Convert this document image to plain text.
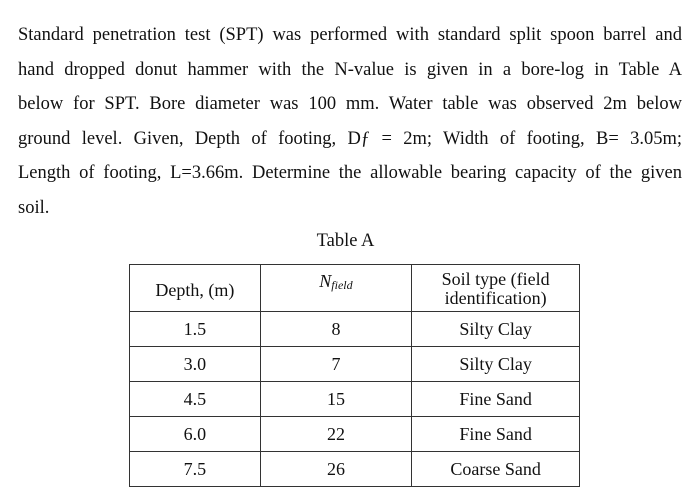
Standard penetration test (SPT) was performed with standard split spoon barrel and
hand dropped donut hammer with the N-value is given in a bore-log in Table A
below for SPT. Bore diameter was 100 mm. Water table was observed 2m below
ground level. Given, Depth of footing, Dƒ = 2m; Width of footing, B= 3.05m;
Length of footing, L=3.66m. Determine the allowable bearing capacity of the given
soil.
Table A
Depth, (m)	$N_{field}$	Soil type (field
identification)
1.5	8	Silty Clay
3.0	7	Silty Clay
4.5	15	Fine Sand
6.0	22	Fine Sand
7.5	26	Coarse Sand
